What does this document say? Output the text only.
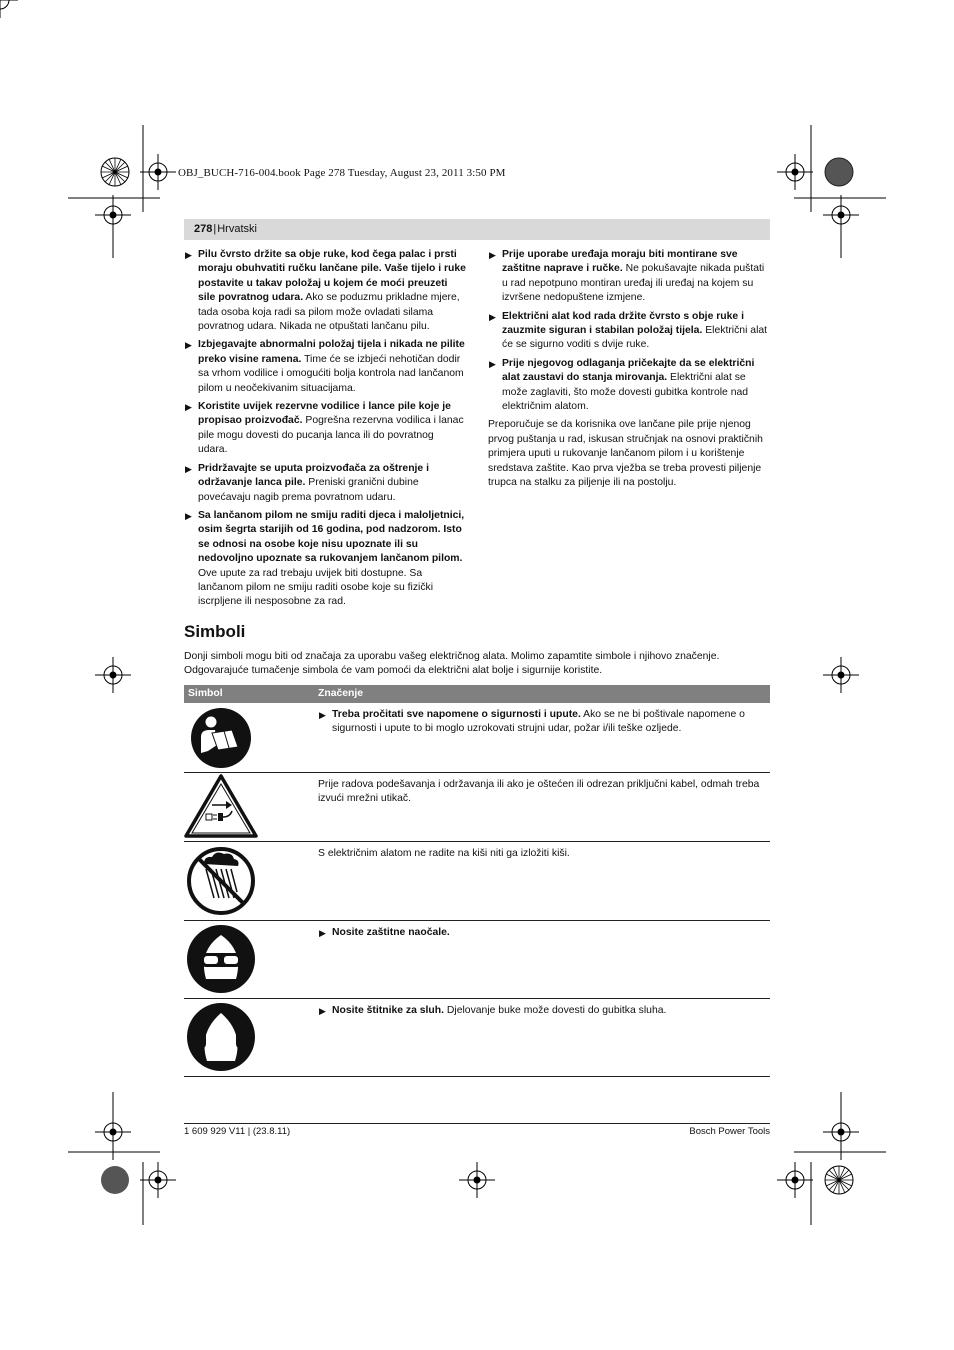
OBJ_BUCH-716-004.book Page 278 Tuesday, August 23, 2011 3:50 PM
278|Hrvatski
▶ Pilu čvrsto držite sa obje ruke, kod čega palac i prsti moraju obuhvatiti ručku lančane pile. Vaše tijelo i ruke postavite u takav položaj u kojem će moći preuzeti sile povratnog udara. Ako se poduzmu prikladne mjere, tada osoba koja radi sa pilom može ovladati silama povratnog udara. Nikada ne otpuštati lančanu pilu.
▶ Izbjegavajte abnormalni položaj tijela i nikada ne pilite preko visine ramena. Time će se izbjeći nehotičan dodir sa vrhom vodilice i omogućiti bolja kontrola nad lančanom pilom u neočekivanim situacijama.
▶ Koristite uvijek rezervne vodilice i lance pile koje je propisao proizvođač. Pogrešna rezervna vodilica i lanac pile mogu dovesti do pucanja lanca ili do povratnog udara.
▶ Pridržavajte se uputa proizvođača za oštrenje i održavanje lanca pile. Preniski granični dubine povećavaju nagib prema povratnom udaru.
▶ Sa lančanom pilom ne smiju raditi djeca i maloljetnici, osim šegrta starijih od 16 godina, pod nadzorom. Isto se odnosi na osobe koje nisu upoznate ili su nedovoljno upoznate sa rukovanjem lančanom pilom. Ove upute za rad trebaju uvijek biti dostupne. Sa lančanom pilom ne smiju raditi osobe koje su fizički iscrpljene ili nesposobne za rad.
▶ Prije uporabe uređaja moraju biti montirane sve zaštitne naprave i ručke. Ne pokušavajte nikada puštati u rad nepotpuno montiran uređaj ili uređaj na kojem su izvršene nedopuštene izmjene.
▶ Električni alat kod rada držite čvrsto s obje ruke i zauzmite siguran i stabilan položaj tijela. Električni alat će se sigurno voditi s dvije ruke.
▶ Prije njegovog odlaganja pričekajte da se električni alat zaustavi do stanja mirovanja. Električni alat se može zaglaviti, što može dovesti gubitka kontrole nad električnim alatom.

Preporučuje se da korisnika ove lančane pile prije njenog prvog puštanja u rad, iskusan stručnjak na osnovi praktičnih primjera uputi u rukovanje lančanom pilom i u korištenje sredstava zaštite. Kao prva vježba se treba provesti piljenje trupca na stalku za piljenje ili na postolju.

Simboli
Donji simboli mogu biti od značaja za uporabu vašeg električnog alata. Molimo zapamtite simbole i njihovo značenje. Odgovarajuće tumačenje simbola će vam pomoći da električni alat bolje i sigurnije koristite.
Simbol	Značenje
▶ Treba pročitati sve napomene o sigurnosti i upute. Ako se ne bi poštivale napomene o sigurnosti i upute to bi moglo uzrokovati strujni udar, požar i/ili teške ozljede.
Prije radova podešavanja i održavanja ili ako je oštećen ili odrezan priključni kabel, odmah treba izvući mrežni utikač.
S električnim alatom ne radite na kiši niti ga izložiti kiši.
▶ Nosite zaštitne naočale.
▶ Nosite štitnike za sluh. Djelovanje buke može dovesti do gubitka sluha.
1 609 929 V11 | (23.8.11)	Bosch Power Tools
